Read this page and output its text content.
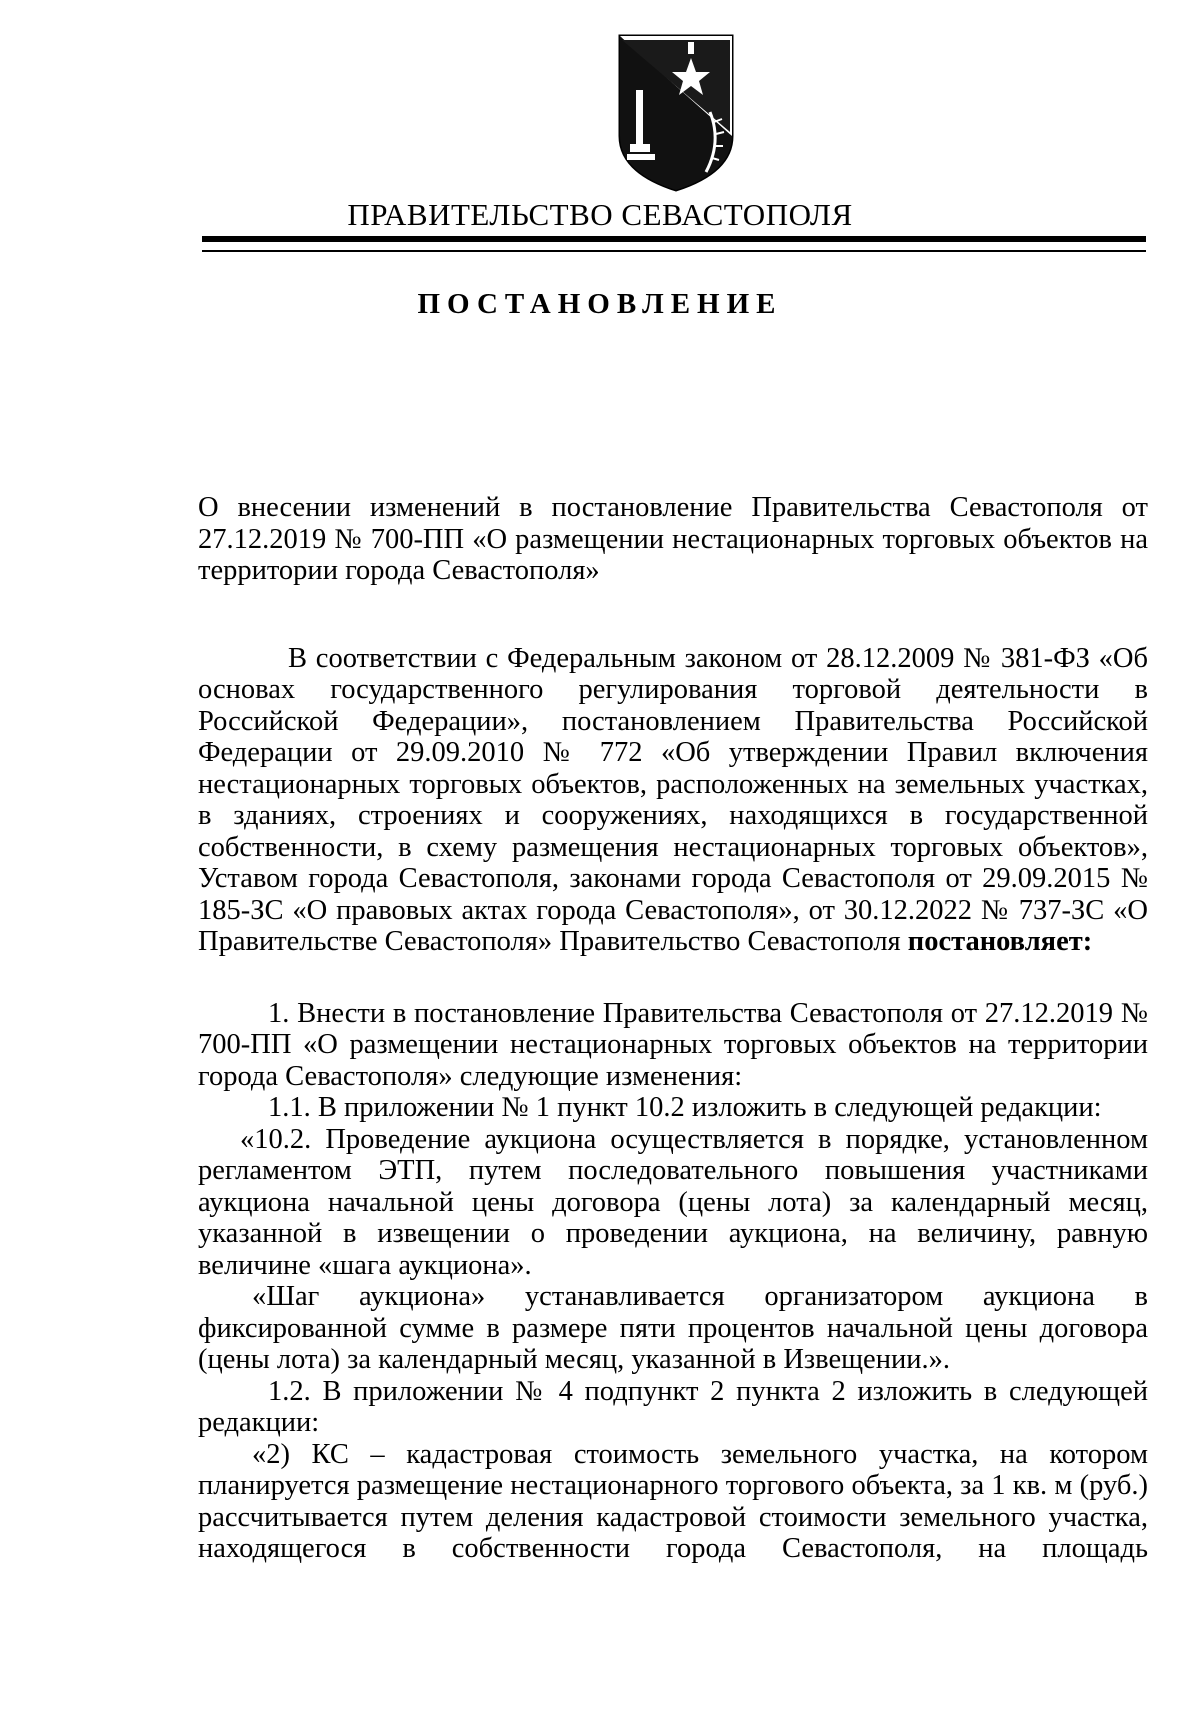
ПРАВИТЕЛЬСТВО СЕВАСТОПОЛЯ
ПОСТАНОВЛЕНИЕ

О внесении изменений в постановление Правительства Севастополя от 27.12.2019 № 700-ПП «О размещении нестационарных торговых объектов на территории города Севастополя»

В соответствии с Федеральным законом от 28.12.2009 № 381-ФЗ «Об основах государственного регулирования торговой деятельности в Российской Федерации», постановлением Правительства Российской Федерации от 29.09.2010 № 772 «Об утверждении Правил включения нестационарных торговых объектов, расположенных на земельных участках, в зданиях, строениях и сооружениях, находящихся в государственной собственности, в схему размещения нестационарных торговых объектов», Уставом города Севастополя, законами города Севастополя от 29.09.2015 № 185-ЗС «О правовых актах города Севастополя», от 30.12.2022 № 737-ЗС «О Правительстве Севастополя» Правительство Севастополя постановляет:

1. Внести в постановление Правительства Севастополя от 27.12.2019 № 700-ПП «О размещении нестационарных торговых объектов на территории города Севастополя» следующие изменения:

1.1. В приложении № 1 пункт 10.2 изложить в следующей редакции:

«10.2. Проведение аукциона осуществляется в порядке, установленном регламентом ЭТП, путем последовательного повышения участниками аукциона начальной цены договора (цены лота) за календарный месяц, указанной в извещении о проведении аукциона, на величину, равную величине «шага аукциона».

«Шаг аукциона» устанавливается организатором аукциона в фиксированной сумме в размере пяти процентов начальной цены договора (цены лота) за календарный месяц, указанной в Извещении.».

1.2. В приложении № 4 подпункт 2 пункта 2 изложить в следующей редакции:

«2) КС – кадастровая стоимость земельного участка, на котором планируется размещение нестационарного торгового объекта, за 1 кв. м (руб.) рассчитывается путем деления кадастровой стоимости земельного участка, находящегося в собственности города Севастополя, на площадь
